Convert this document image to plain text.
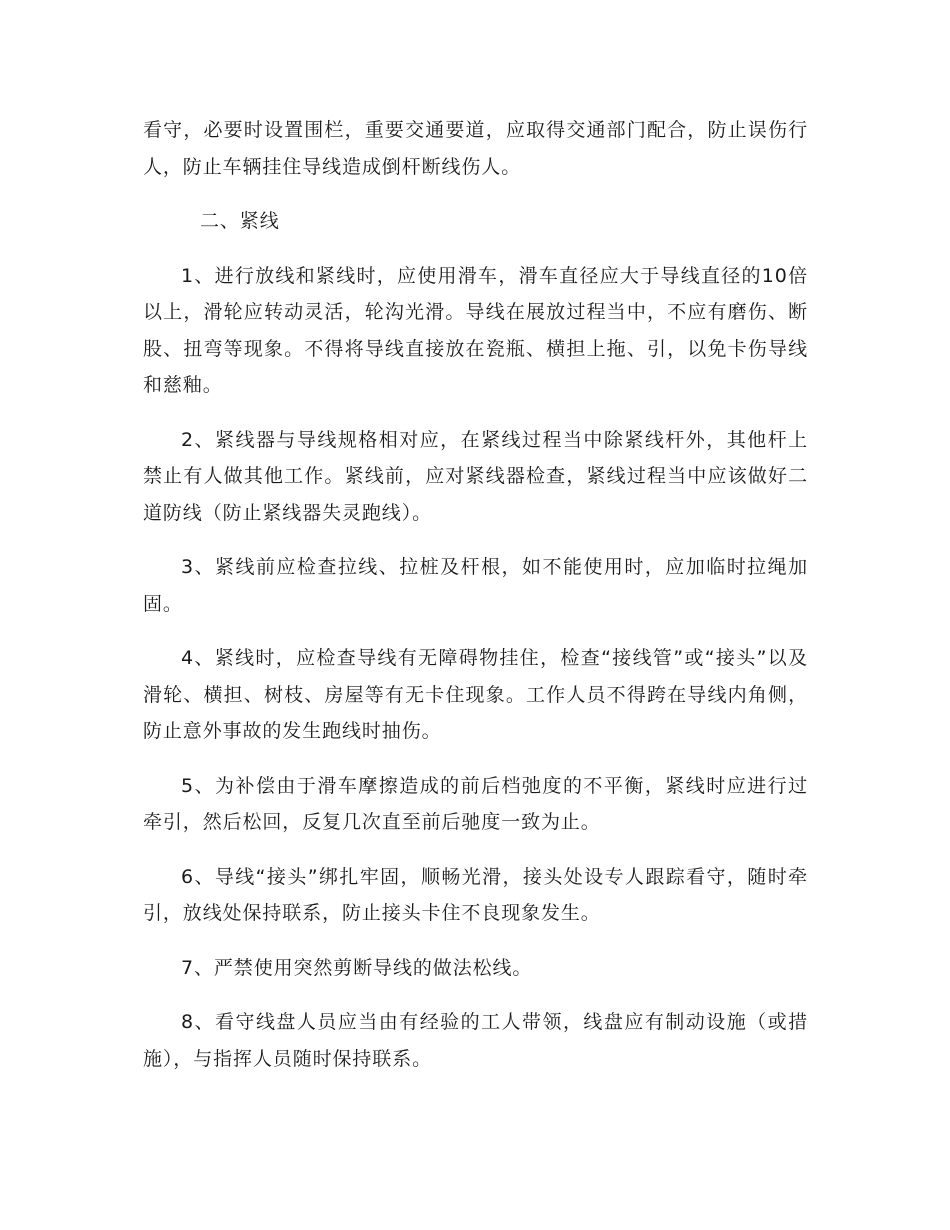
看守，必要时设置围栏，重要交通要道，应取得交通部门配合，防止误伤行人，防止车辆挂住导线造成倒杆断线伤人。

二、紧线

1、进行放线和紧线时，应使用滑车，滑车直径应大于导线直径的10倍以上，滑轮应转动灵活，轮沟光滑。导线在展放过程当中，不应有磨伤、断股、扭弯等现象。不得将导线直接放在瓷瓶、横担上拖、引，以免卡伤导线和慈釉。

2、紧线器与导线规格相对应，在紧线过程当中除紧线杆外，其他杆上禁止有人做其他工作。紧线前，应对紧线器检查，紧线过程当中应该做好二道防线（防止紧线器失灵跑线）。

3、紧线前应检查拉线、拉桩及杆根，如不能使用时，应加临时拉绳加固。

4、紧线时，应检查导线有无障碍物挂住，检查“接线管”或“接头”以及滑轮、横担、树枝、房屋等有无卡住现象。工作人员不得跨在导线内角侧，防止意外事故的发生跑线时抽伤。

5、为补偿由于滑车摩擦造成的前后档弛度的不平衡，紧线时应进行过牵引，然后松回，反复几次直至前后驰度一致为止。

6、导线“接头”绑扎牢固，顺畅光滑，接头处设专人跟踪看守，随时牵引，放线处保持联系，防止接头卡住不良现象发生。

7、严禁使用突然剪断导线的做法松线。

8、看守线盘人员应当由有经验的工人带领，线盘应有制动设施（或措施），与指挥人员随时保持联系。
